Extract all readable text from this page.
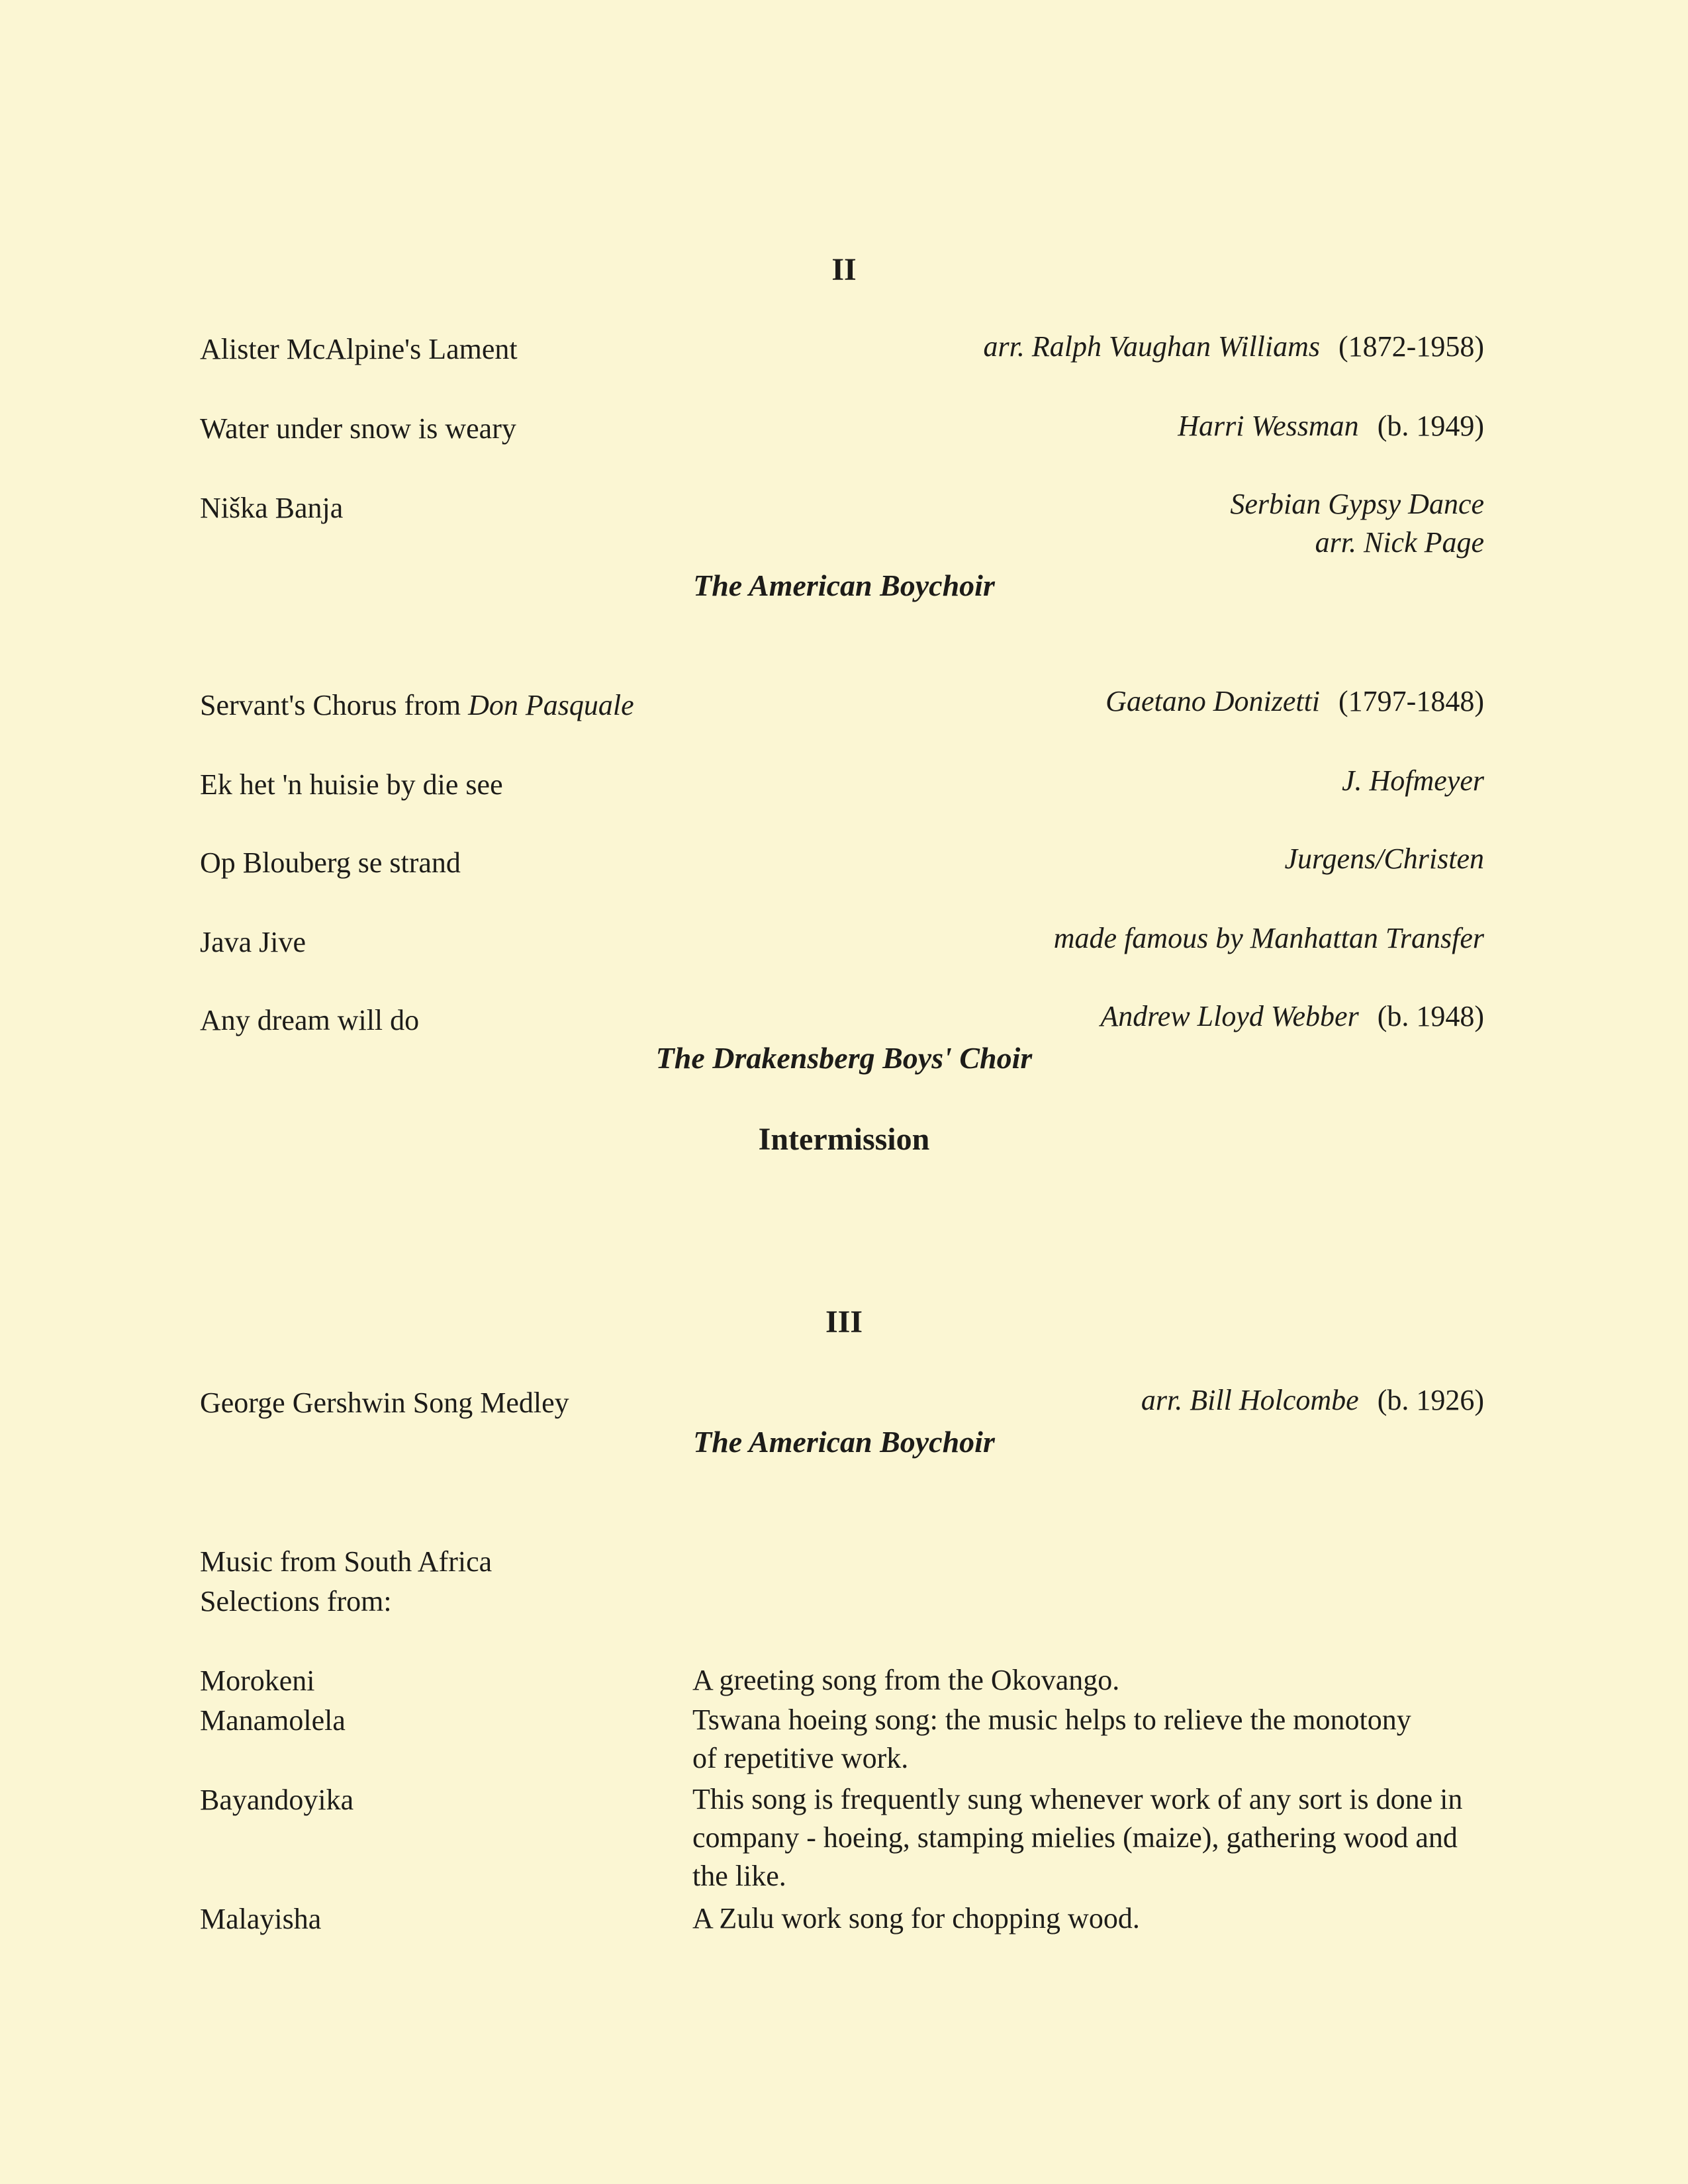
II
Alister McAlpine's Lament	arr. Ralph Vaughan Williams (1872-1958)
Water under snow is weary	Harri Wessman (b. 1949)
Niška Banja	Serbian Gypsy Dance
arr. Nick Page
The American Boychoir
Servant's Chorus from Don Pasquale	Gaetano Donizetti (1797-1848)
Ek het 'n huisie by die see	J. Hofmeyer
Op Blouberg se strand	Jurgens/Christen
Java Jive	made famous by Manhattan Transfer
Any dream will do	Andrew Lloyd Webber (b. 1948)
The Drakensberg Boys' Choir
Intermission
III
George Gershwin Song Medley	arr. Bill Holcombe (b. 1926)
The American Boychoir
Music from South Africa
Selections from:
Morokeni	A greeting song from the Okovango.
Manamolela	Tswana hoeing song: the music helps to relieve the monotony of repetitive work.
Bayandoyika	This song is frequently sung whenever work of any sort is done in company - hoeing, stamping mielies (maize), gathering wood and the like.
Malayisha	A Zulu work song for chopping wood.
